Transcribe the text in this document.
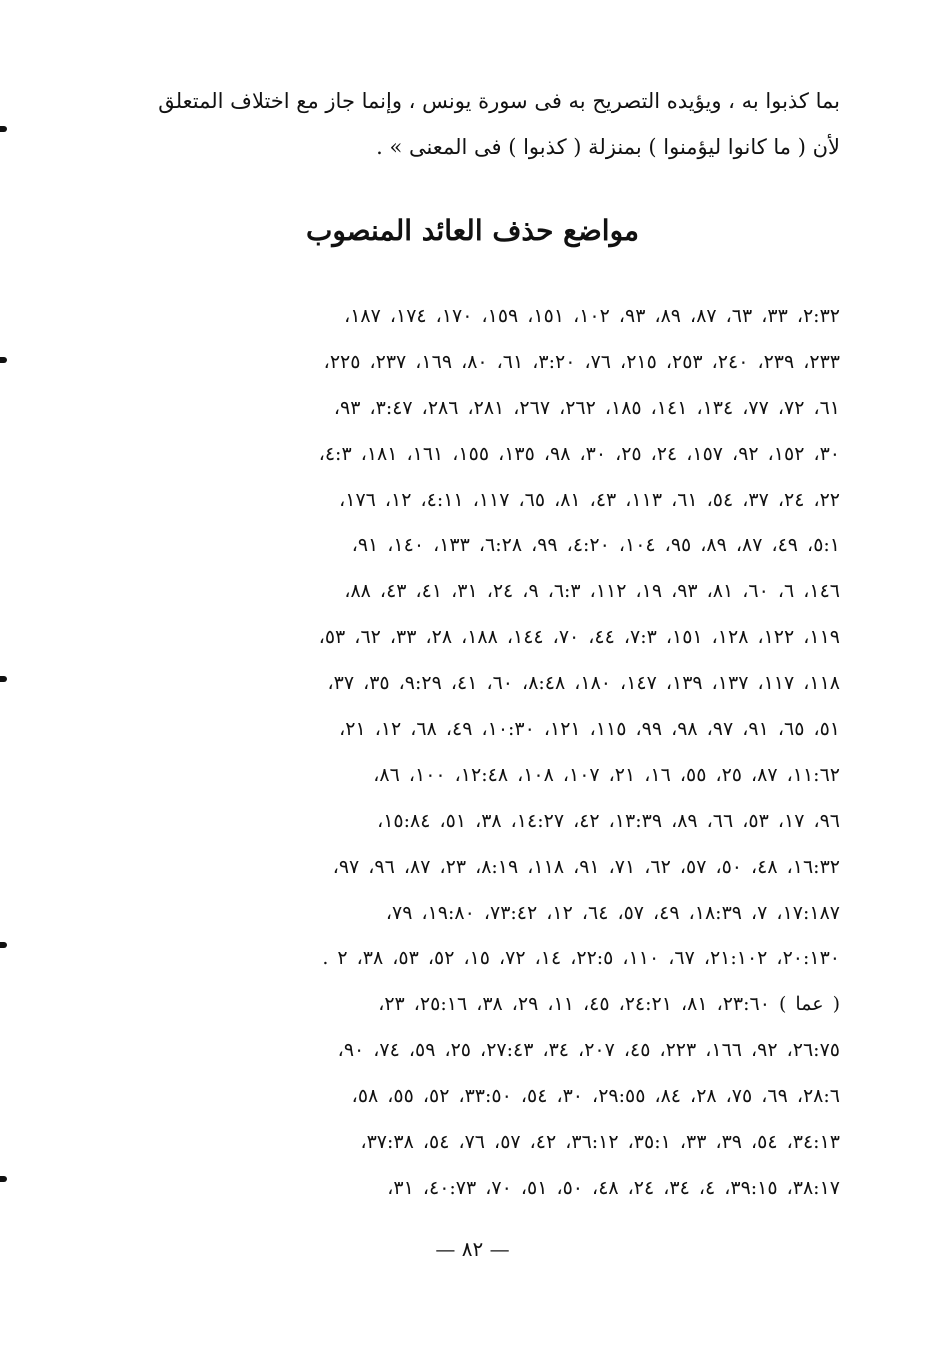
بما كذبوا به ، ويؤيده التصريح به فى سورة يونس ، وإنما جاز مع اختلاف المتعلق
لأن ( ما كانوا ليؤمنوا ) بمنزلة ( كذبوا ) فى المعنى » .
مواضع حذف العائد المنصوب
٢:٣٢، ٣٣، ٦٣، ٨٧، ٨٩، ٩٣، ١٠٢، ١٥١، ١٥٩، ١٧٠، ١٧٤، ١٨٧،
٢٣٣، ٢٣٩، ٢٤٠، ٢٥٣، ٢١٥، ٧٦، ٣:٢٠، ٦١، ٨٠، ١٦٩، ٢٣٧، ٢٢٥،
٦١، ٧٢، ٧٧، ١٣٤، ١٤١، ١٨٥، ٢٦٢، ٢٦٧، ٢٨١، ٢٨٦، ٣:٤٧، ٩٣،
٣٠، ١٥٢، ٩٢، ١٥٧، ٢٤، ٢٥، ٣٠، ٩٨، ١٣٥، ١٥٥، ١٦١، ١٨١، ٤:٣،
٢٢، ٢٤، ٣٧، ٥٤، ٦١، ١١٣، ٤٣، ٨١، ٦٥، ١١٧، ٤:١١، ١٢، ١٧٦،
٥:١، ٤٩، ٨٧، ٨٩، ٩٥، ١٠٤، ٤:٢٠، ٩٩، ٦:٢٨، ١٣٣، ١٤٠، ٩١،
١٤٦، ٦، ٦٠، ٨١، ٩٣، ١٩، ١١٢، ٦:٣، ٩، ٢٤، ٣١، ٤١، ٤٣، ٨٨،
١١٩، ١٢٢، ١٢٨، ١٥١، ٧:٣، ٤٤، ٧٠، ١٤٤، ١٨٨، ٢٨، ٣٣، ٦٢، ٥٣،
١١٨، ١١٧، ١٣٧، ١٣٩، ١٤٧، ١٨٠، ٨:٤٨، ٦٠، ٤١، ٩:٢٩، ٣٥، ٣٧،
٥١، ٦٥، ٩١، ٩٧، ٩٨، ٩٩، ١١٥، ١٢١، ١٠:٣٠، ٤٩، ٦٨، ١٢، ٢١،
١١:٦٢، ٨٧، ٢٥، ٥٥، ١٦، ٢١، ١٠٧، ١٠٨، ١٢:٤٨، ١٠٠، ٨٦،
٩٦، ١٧، ٥٣، ٦٦، ٨٩، ١٣:٣٩، ٤٢، ١٤:٢٧، ٣٨، ٥١، ١٥:٨٤،
١٦:٣٢، ٤٨، ٥٠، ٥٧، ٦٢، ٧١، ٩١، ١١٨، ٨:١٩، ٢٣، ٨٧، ٩٦، ٩٧،
١٧:١٨٧، ٧، ١٨:٣٩، ٤٩، ٥٧، ٦٤، ١٢، ٧٣:٤٢، ١٩:٨٠، ٧٩،
٢٠:١٣٠، ٢١:١٠٢، ٦٧، ١١٠، ٢٢:٥، ١٤، ٧٢، ١٥، ٥٢، ٥٣، ٣٨، ٢ .
( عما ) ٢٣:٦٠، ٨١، ٢٤:٢١، ٤٥، ١١، ٢٩، ٣٨، ٢٥:١٦، ٢٣،
٢٦:٧٥، ٩٢، ١٦٦، ٢٢٣، ٤٥، ٢٠٧، ٣٤، ٢٧:٤٣، ٢٥، ٥٩، ٧٤، ٩٠،
٢٨:٦، ٦٩، ٧٥، ٢٨، ٨٤، ٢٩:٥٥، ٣٠، ٥٤، ٣٣:٥٠، ٥٢، ٥٥، ٥٨،
٣٤:١٣، ٥٤، ٣٩، ٣٣، ٣٥:١، ٣٦:١٢، ٤٢، ٥٧، ٧٦، ٥٤، ٣٧:٣٨،
٣٨:١٧، ٣٩:١٥، ٤، ٣٤، ٢٤، ٤٨، ٥٠، ٥١، ٧٠، ٤٠:٧٣، ٣١،
— ٨٢ —
